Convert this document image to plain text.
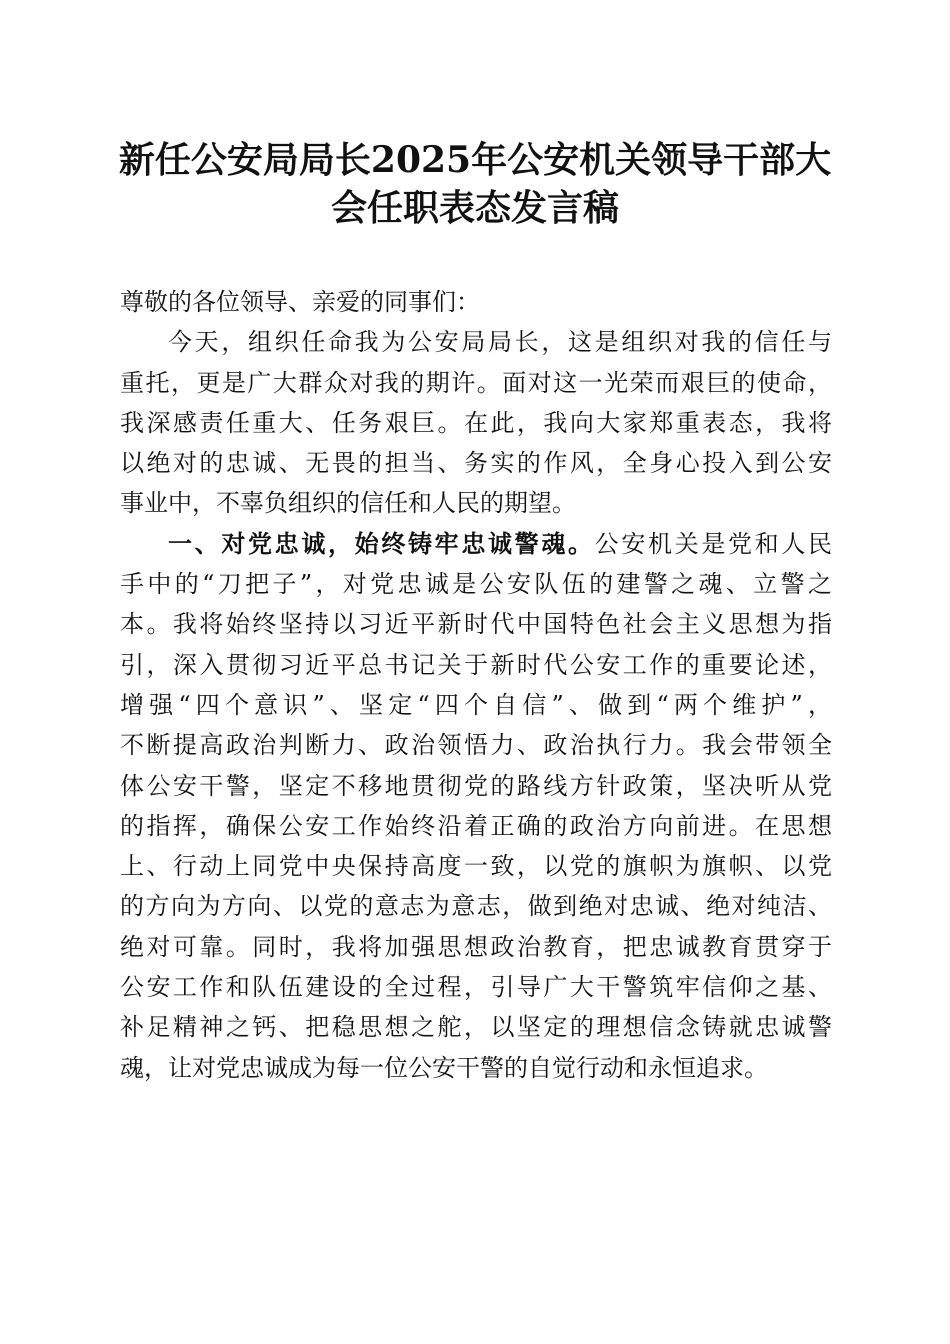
新任公安局局长2025年公安机关领导干部大
会任职表态发言稿
尊敬的各位领导、亲爱的同事们：
今天，组织任命我为公安局局长，这是组织对我的信任与
重托，更是广大群众对我的期许。面对这一光荣而艰巨的使命，
我深感责任重大、任务艰巨。在此，我向大家郑重表态，我将
以绝对的忠诚、无畏的担当、务实的作风，全身心投入到公安
事业中，不辜负组织的信任和人民的期望。
一、对党忠诚，始终铸牢忠诚警魂。公安机关是党和人民
手中的“刀把子”，对党忠诚是公安队伍的建警之魂、立警之
本。我将始终坚持以习近平新时代中国特色社会主义思想为指
引，深入贯彻习近平总书记关于新时代公安工作的重要论述，
增强“四个意识”、坚定“四个自信”、做到“两个维护”，
不断提高政治判断力、政治领悟力、政治执行力。我会带领全
体公安干警，坚定不移地贯彻党的路线方针政策，坚决听从党
的指挥，确保公安工作始终沿着正确的政治方向前进。在思想
上、行动上同党中央保持高度一致，以党的旗帜为旗帜、以党
的方向为方向、以党的意志为意志，做到绝对忠诚、绝对纯洁、
绝对可靠。同时，我将加强思想政治教育，把忠诚教育贯穿于
公安工作和队伍建设的全过程，引导广大干警筑牢信仰之基、
补足精神之钙、把稳思想之舵，以坚定的理想信念铸就忠诚警
魂，让对党忠诚成为每一位公安干警的自觉行动和永恒追求。
